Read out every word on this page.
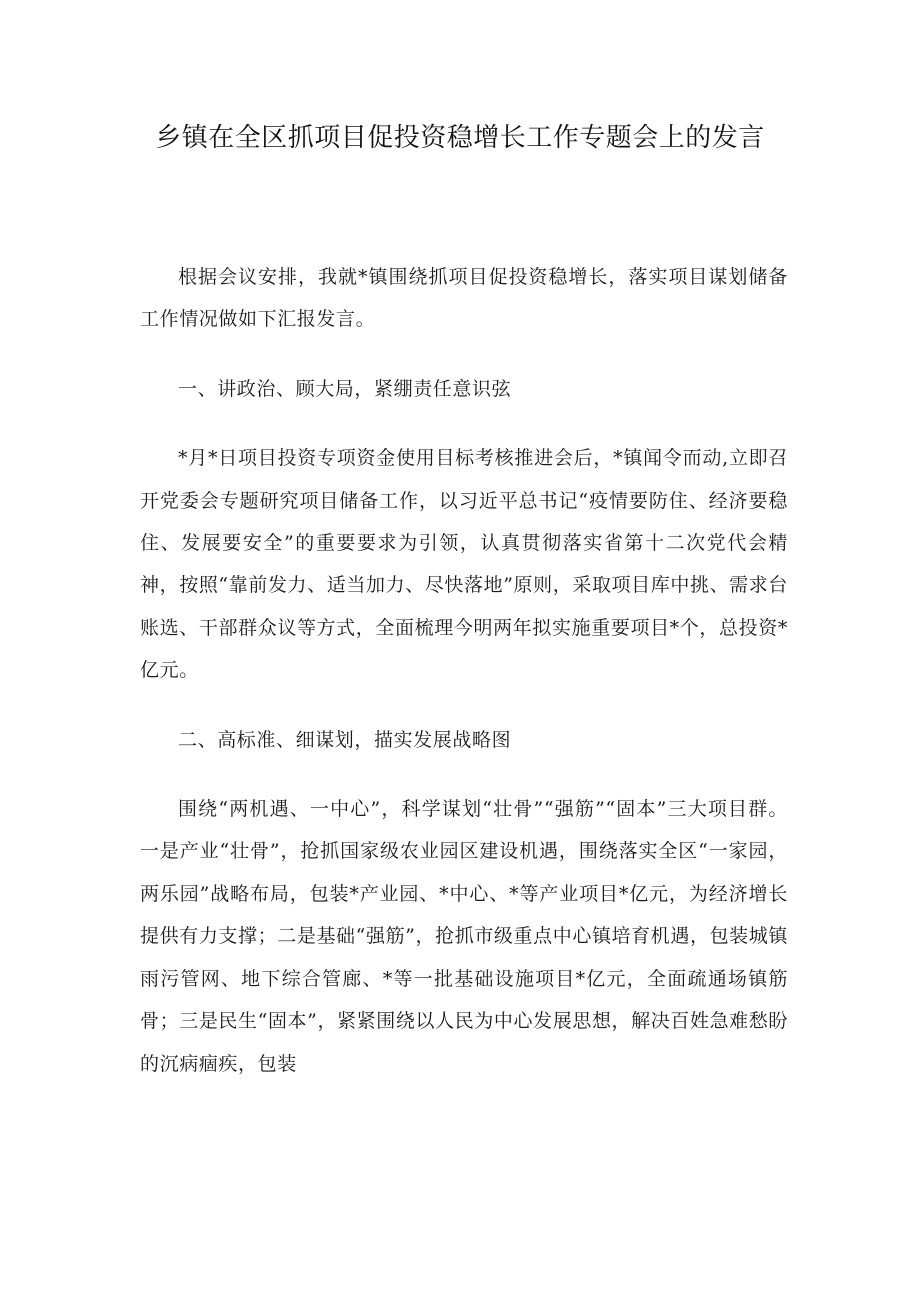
乡镇在全区抓项目促投资稳增长工作专题会上的发言

根据会议安排，我就*镇围绕抓项目促投资稳增长，落实项目谋划储备工作情况做如下汇报发言。

一、讲政治、顾大局，紧绷责任意识弦

*月*日项目投资专项资金使用目标考核推进会后，*镇闻令而动,立即召开党委会专题研究项目储备工作，以习近平总书记“疫情要防住、经济要稳住、发展要安全”的重要要求为引领，认真贯彻落实省第十二次党代会精神，按照“靠前发力、适当加力、尽快落地”原则，采取项目库中挑、需求台账选、干部群众议等方式，全面梳理今明两年拟实施重要项目*个，总投资*亿元。

二、高标准、细谋划，描实发展战略图

围绕“两机遇、一中心”，科学谋划“壮骨”“强筋”“固本”三大项目群。一是产业“壮骨”，抢抓国家级农业园区建设机遇，围绕落实全区“一家园，两乐园”战略布局，包装*产业园、*中心、*等产业项目*亿元，为经济增长提供有力支撑；二是基础“强筋”，抢抓市级重点中心镇培育机遇，包装城镇雨污管网、地下综合管廊、*等一批基础设施项目*亿元，全面疏通场镇筋骨；三是民生“固本”，紧紧围绕以人民为中心发展思想，解决百姓急难愁盼的沉病痼疾，包装
